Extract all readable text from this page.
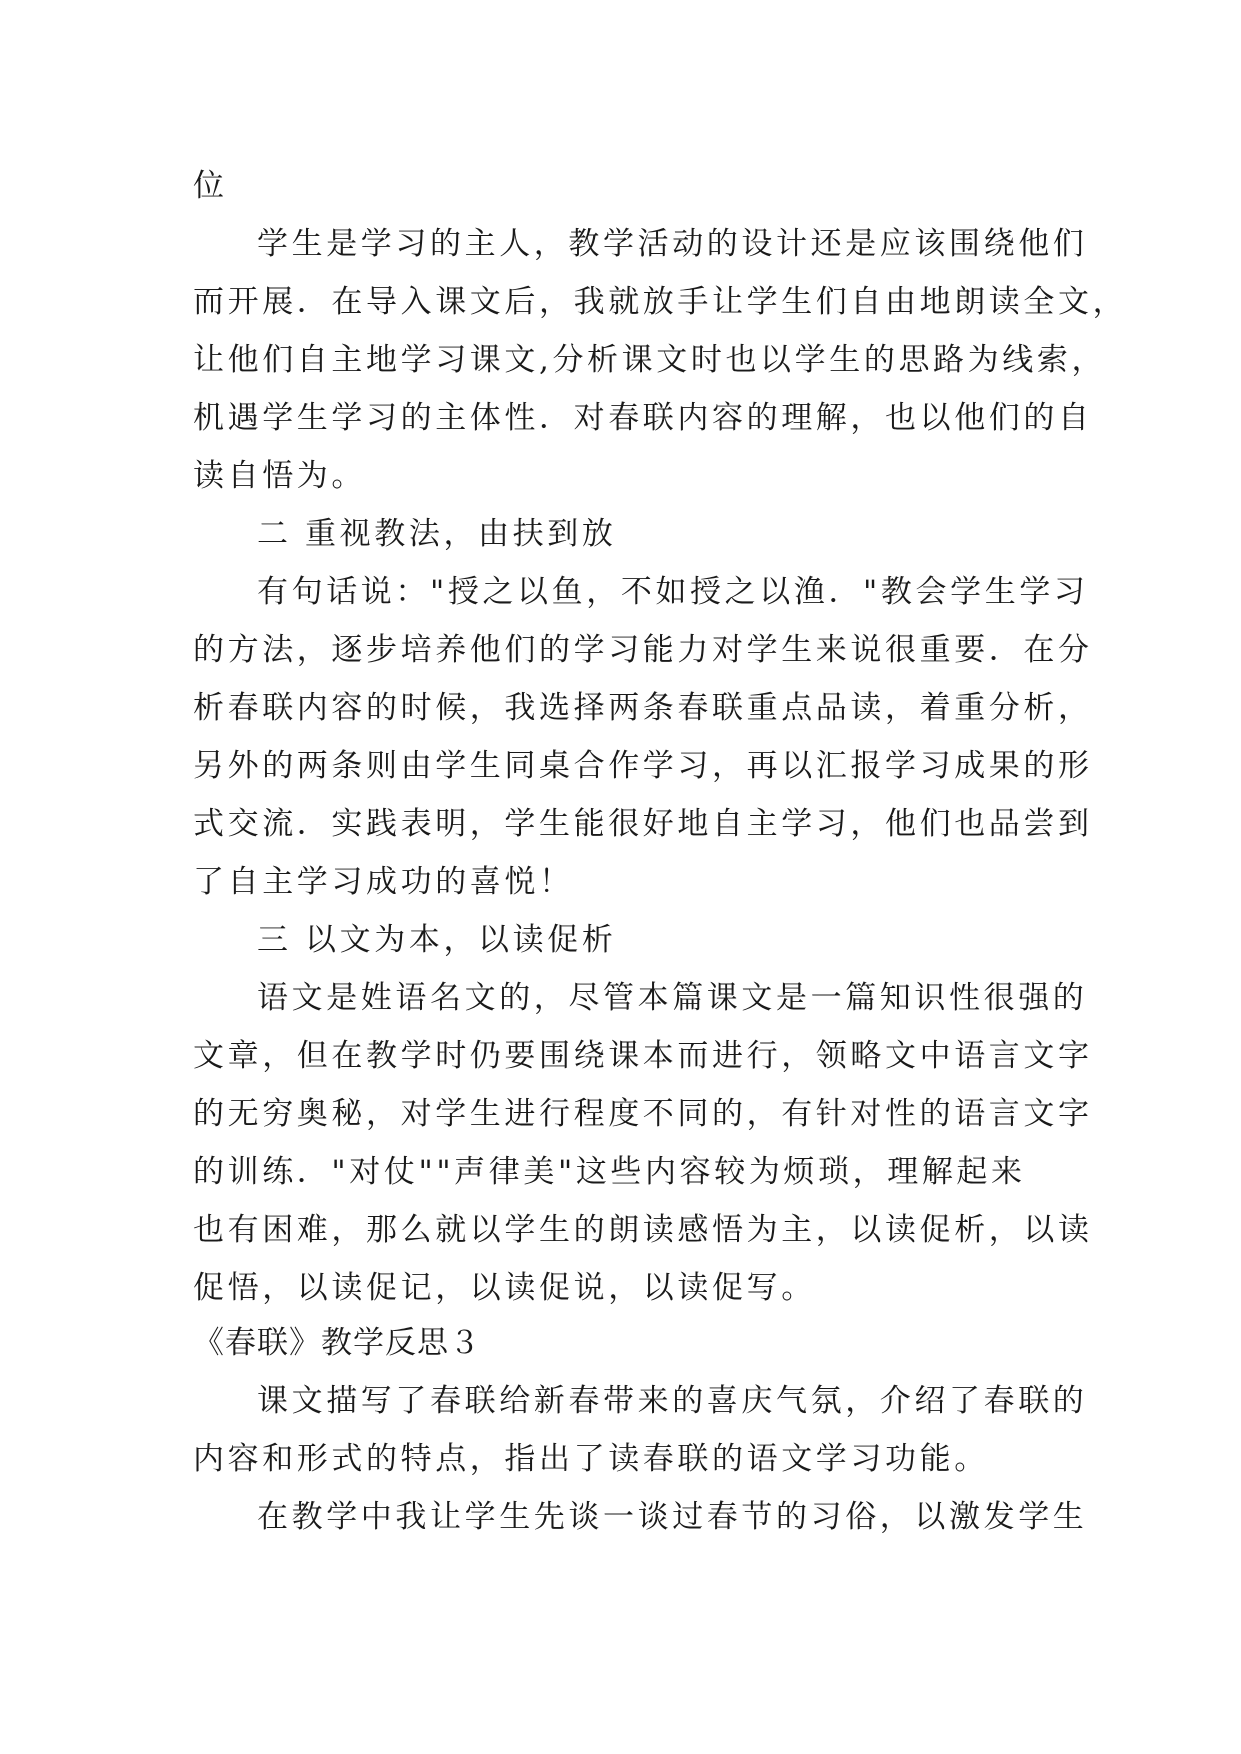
位
学生是学习的主人，教学活动的设计还是应该围绕他们
而开展．在导入课文后，我就放手让学生们自由地朗读全文，
让他们自主地学习课文,分析课文时也以学生的思路为线索，
机遇学生学习的主体性．对春联内容的理解，也以他们的自
读自悟为。
二 重视教法，由扶到放
有句话说："授之以鱼，不如授之以渔．"教会学生学习
的方法，逐步培养他们的学习能力对学生来说很重要．在分
析春联内容的时候，我选择两条春联重点品读，着重分析，
另外的两条则由学生同桌合作学习，再以汇报学习成果的形
式交流．实践表明，学生能很好地自主学习，他们也品尝到
了自主学习成功的喜悦！
三 以文为本，以读促析
语文是姓语名文的，尽管本篇课文是一篇知识性很强的
文章，但在教学时仍要围绕课本而进行，领略文中语言文字
的无穷奥秘，对学生进行程度不同的，有针对性的语言文字
的训练．"对仗""声律美"这些内容较为烦琐，理解起来
也有困难，那么就以学生的朗读感悟为主，以读促析，以读
促悟，以读促记，以读促说，以读促写。
《春联》教学反思３
课文描写了春联给新春带来的喜庆气氛，介绍了春联的
内容和形式的特点，指出了读春联的语文学习功能。
在教学中我让学生先谈一谈过春节的习俗，以激发学生
